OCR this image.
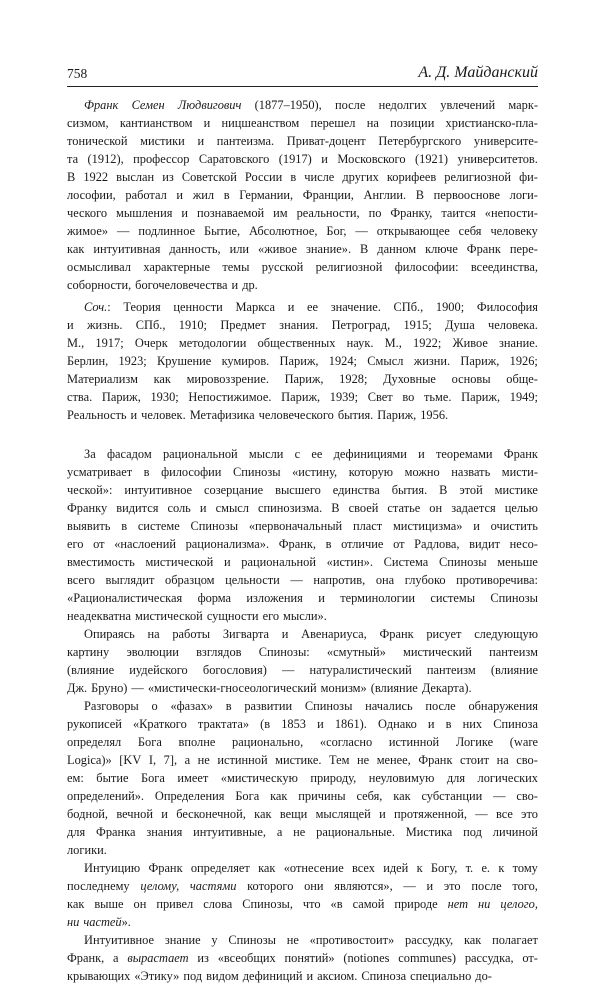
758	А. Д. Майданский
Франк Семен Людвигович (1877–1950), после недолгих увлечений марк-
сизмом, кантианством и ницшеанством перешел на позиции христианско-пла-
тонической мистики и пантеизма. Приват-доцент Петербургского университе-
та (1912), профессор Саратовского (1917) и Московского (1921) университетов.
В 1922 выслан из Советской России в числе других корифеев религиозной фи-
лософии, работал и жил в Германии, Франции, Англии. В первооснове логи-
ческого мышления и познаваемой им реальности, по Франку, таится «непости-
жимое» — подлинное Бытие, Абсолютное, Бог, — открывающее себя человеку
как интуитивная данность, или «живое знание». В данном ключе Франк пере-
осмысливал характерные темы русской религиозной философии: всеединства,
соборности, богочеловечества и др.
Соч.: Теория ценности Маркса и ее значение. СПб., 1900; Философия
и жизнь. СПб., 1910; Предмет знания. Петроград, 1915; Душа человека.
М., 1917; Очерк методологии общественных наук. М., 1922; Живое знание.
Берлин, 1923; Крушение кумиров. Париж, 1924; Смысл жизни. Париж, 1926;
Материализм как мировоззрение. Париж, 1928; Духовные основы обще-
ства. Париж, 1930; Непостижимое. Париж, 1939; Свет во тьме. Париж, 1949;
Реальность и человек. Метафизика человеческого бытия. Париж, 1956.
За фасадом рациональной мысли с ее дефинициями и теоремами Франк
усматривает в философии Спинозы «истину, которую можно назвать мисти-
ческой»: интуитивное созерцание высшего единства бытия. В этой мистике
Франку видится соль и смысл спинозизма. В своей статье он задается целью
выявить в системе Спинозы «первоначальный пласт мистицизма» и очистить
его от «наслоений рационализма». Франк, в отличие от Радлова, видит несо-
вместимость мистической и рациональной «истин». Система Спинозы меньше
всего выглядит образцом цельности — напротив, она глубоко противоречива:
«Рационалистическая форма изложения и терминологии системы Спинозы
неадекватна мистической сущности его мысли».
Опираясь на работы Зигварта и Авенариуса, Франк рисует следующую
картину эволюции взглядов Спинозы: «смутный» мистический пантеизм
(влияние иудейского богословия) — натуралистический пантеизм (влияние
Дж. Бруно) — «мистически-гносеологический монизм» (влияние Декарта).
Разговоры о «фазах» в развитии Спинозы начались после обнаружения
рукописей «Краткого трактата» (в 1853 и 1861). Однако и в них Спиноза
определял Бога вполне рационально, «согласно истинной Логике (ware
Logica)» [KV I, 7], а не истинной мистике. Тем не менее, Франк стоит на сво-
ем: бытие Бога имеет «мистическую природу, неуловимую для логических
определений». Определения Бога как причины себя, как субстанции — сво-
бодной, вечной и бесконечной, как вещи мыслящей и протяженной, — все это
для Франка знания интуитивные, а не рациональные. Мистика под личиной
логики.
Интуицию Франк определяет как «отнесение всех идей к Богу, т. е. к тому
последнему целому, частями которого они являются», — и это после того,
как выше он привел слова Спинозы, что «в самой природе нет ни целого,
ни частей».
Интуитивное знание у Спинозы не «противостоит» рассудку, как полагает
Франк, а вырастает из «всеобщих понятий» (notiones communes) рассудка, от-
крывающих «Этику» под видом дефиниций и аксиом. Спиноза специально до-
